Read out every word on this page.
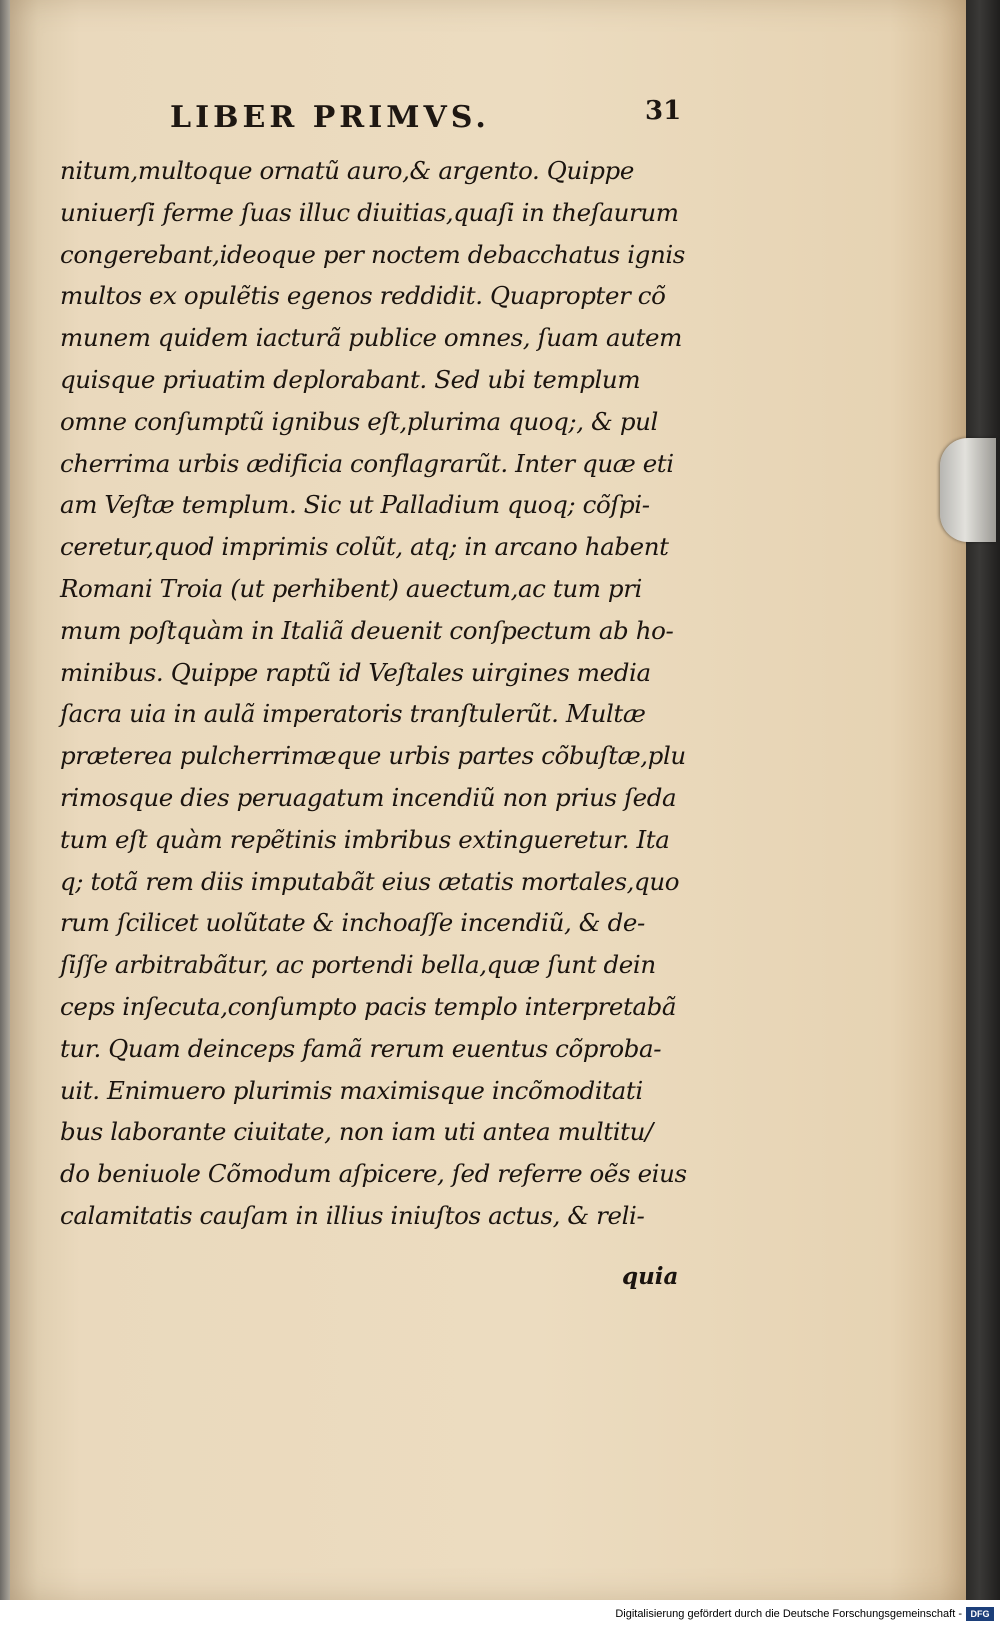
LIBER PRIMVS.	31
nitum,multoque ornatũ auro,& argento. Quippe
uniuerſi ferme ſuas illuc diuitias,quaſi in theſaurum
congerebant,ideoque per noctem debacchatus ignis
multos ex opulẽtis egenos reddidit. Quapropter cõ
munem quidem iacturã publice omnes, ſuam autem
quisque priuatim deplorabant. Sed ubi templum
omne conſumptũ ignibus eſt,plurima quoq;, & pul
cherrima urbis ædificia conflagrarũt. Inter quæ eti
am Veſtæ templum. Sic ut Palladium quoq; cõſpi-
ceretur,quod imprimis colũt, atq; in arcano habent
Romani Troia (ut perhibent) auectum,ac tum pri
mum poſtquàm in Italiã deuenit conſpectum ab ho-
minibus. Quippe raptũ id Veſtales uirgines media
ſacra uia in aulã imperatoris tranſtulerũt. Multæ
præterea pulcherrimæque urbis partes cõbuſtæ,plu
rimosque dies peruagatum incendiũ non prius ſeda
tum eſt quàm repẽtinis imbribus extingueretur. Ita
q; totã rem diis imputabãt eius ætatis mortales,quo
rum ſcilicet uolũtate & inchoaſſe incendiũ, & de-
ſiſſe arbitrabãtur, ac portendi bella,quæ ſunt dein
ceps inſecuta,conſumpto pacis templo interpretabã
tur. Quam deinceps famã rerum euentus cõproba-
uit. Enimuero plurimis maximisque incõmoditati
bus laborante ciuitate, non iam uti antea multitu/
do beniuole Cõmodum aſpicere, ſed referre oẽs eius
calamitatis cauſam in illius iniuſtos actus, & reli-
quia
Digitalisierung gefördert durch die Deutsche Forschungsgemeinschaft - DFG
